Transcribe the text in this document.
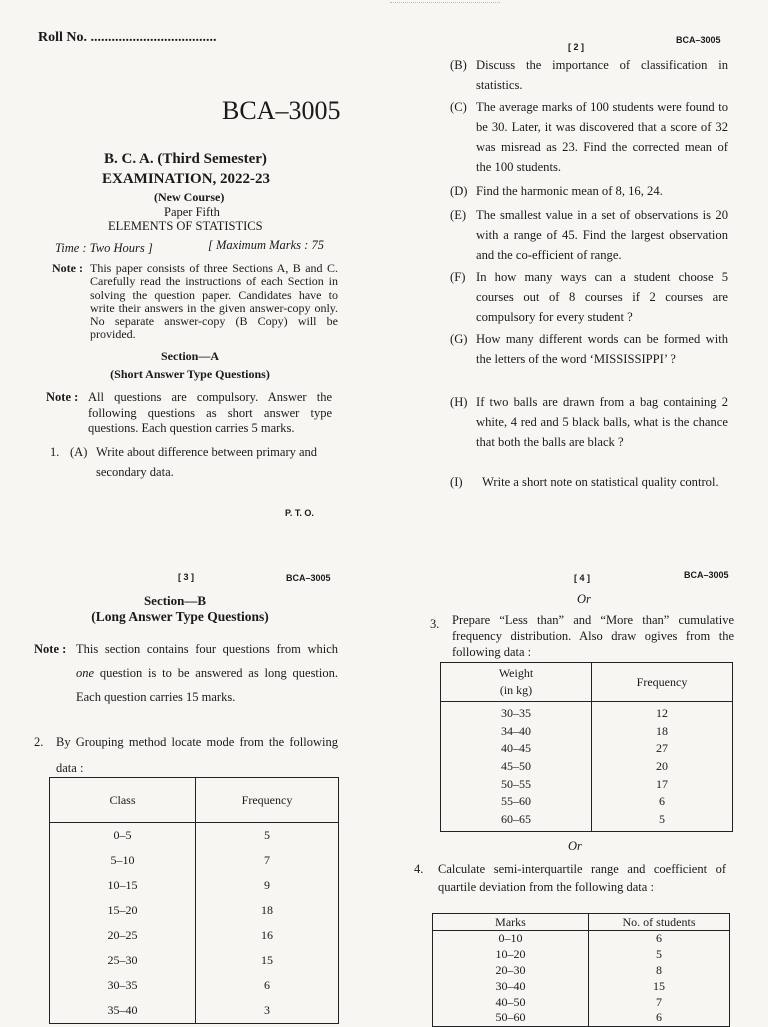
Roll No. ....................................
BCA–3005
B. C. A. (Third Semester)
EXAMINATION, 2022-23
(New Course)
Paper Fifth
ELEMENTS OF STATISTICS
Time : Two Hours ]	[ Maximum Marks : 75
Note : This paper consists of three Sections A, B and C. Carefully read the instructions of each Section in solving the question paper. Candidates have to write their answers in the given answer-copy only. No separate answer-copy (B Copy) will be provided.
Section—A
(Short Answer Type Questions)
Note : All questions are compulsory. Answer the following questions as short answer type questions. Each question carries 5 marks.
1. (A) Write about difference between primary and secondary data.
P. T. O.
[ 2 ]
BCA–3005
(B) Discuss the importance of classification in statistics.
(C) The average marks of 100 students were found to be 30. Later, it was discovered that a score of 32 was misread as 23. Find the corrected mean of the 100 students.
(D) Find the harmonic mean of 8, 16, 24.
(E) The smallest value in a set of observations is 20 with a range of 45. Find the largest observation and the co-efficient of range.
(F) In how many ways can a student choose 5 courses out of 8 courses if 2 courses are compulsory for every student ?
(G) How many different words can be formed with the letters of the word ‘MISSISSIPPI’ ?
(H) If two balls are drawn from a bag containing 2 white, 4 red and 5 black balls, what is the chance that both the balls are black ?
(I) Write a short note on statistical quality control.
[ 3 ]	BCA–3005
Section—B
(Long Answer Type Questions)
Note : This section contains four questions from which one question is to be answered as long question. Each question carries 15 marks.
2. By Grouping method locate mode from the following data :
Class	Frequency
0–5	5
5–10	7
10–15	9
15–20	18
20–25	16
25–30	15
30–35	6
35–40	3
[ 4 ]	BCA–3005
Or
3. Prepare “Less than” and “More than” cumulative frequency distribution. Also draw ogives from the following data :
Weight
(in kg)	Frequency
30–35	12
34–40	18
40–45	27
45–50	20
50–55	17
55–60	6
60–65	5
Or
4. Calculate semi-interquartile range and coefficient of quartile deviation from the following data :
Marks	No. of students
0–10	6
10–20	5
20–30	8
30–40	15
40–50	7
50–60	6
